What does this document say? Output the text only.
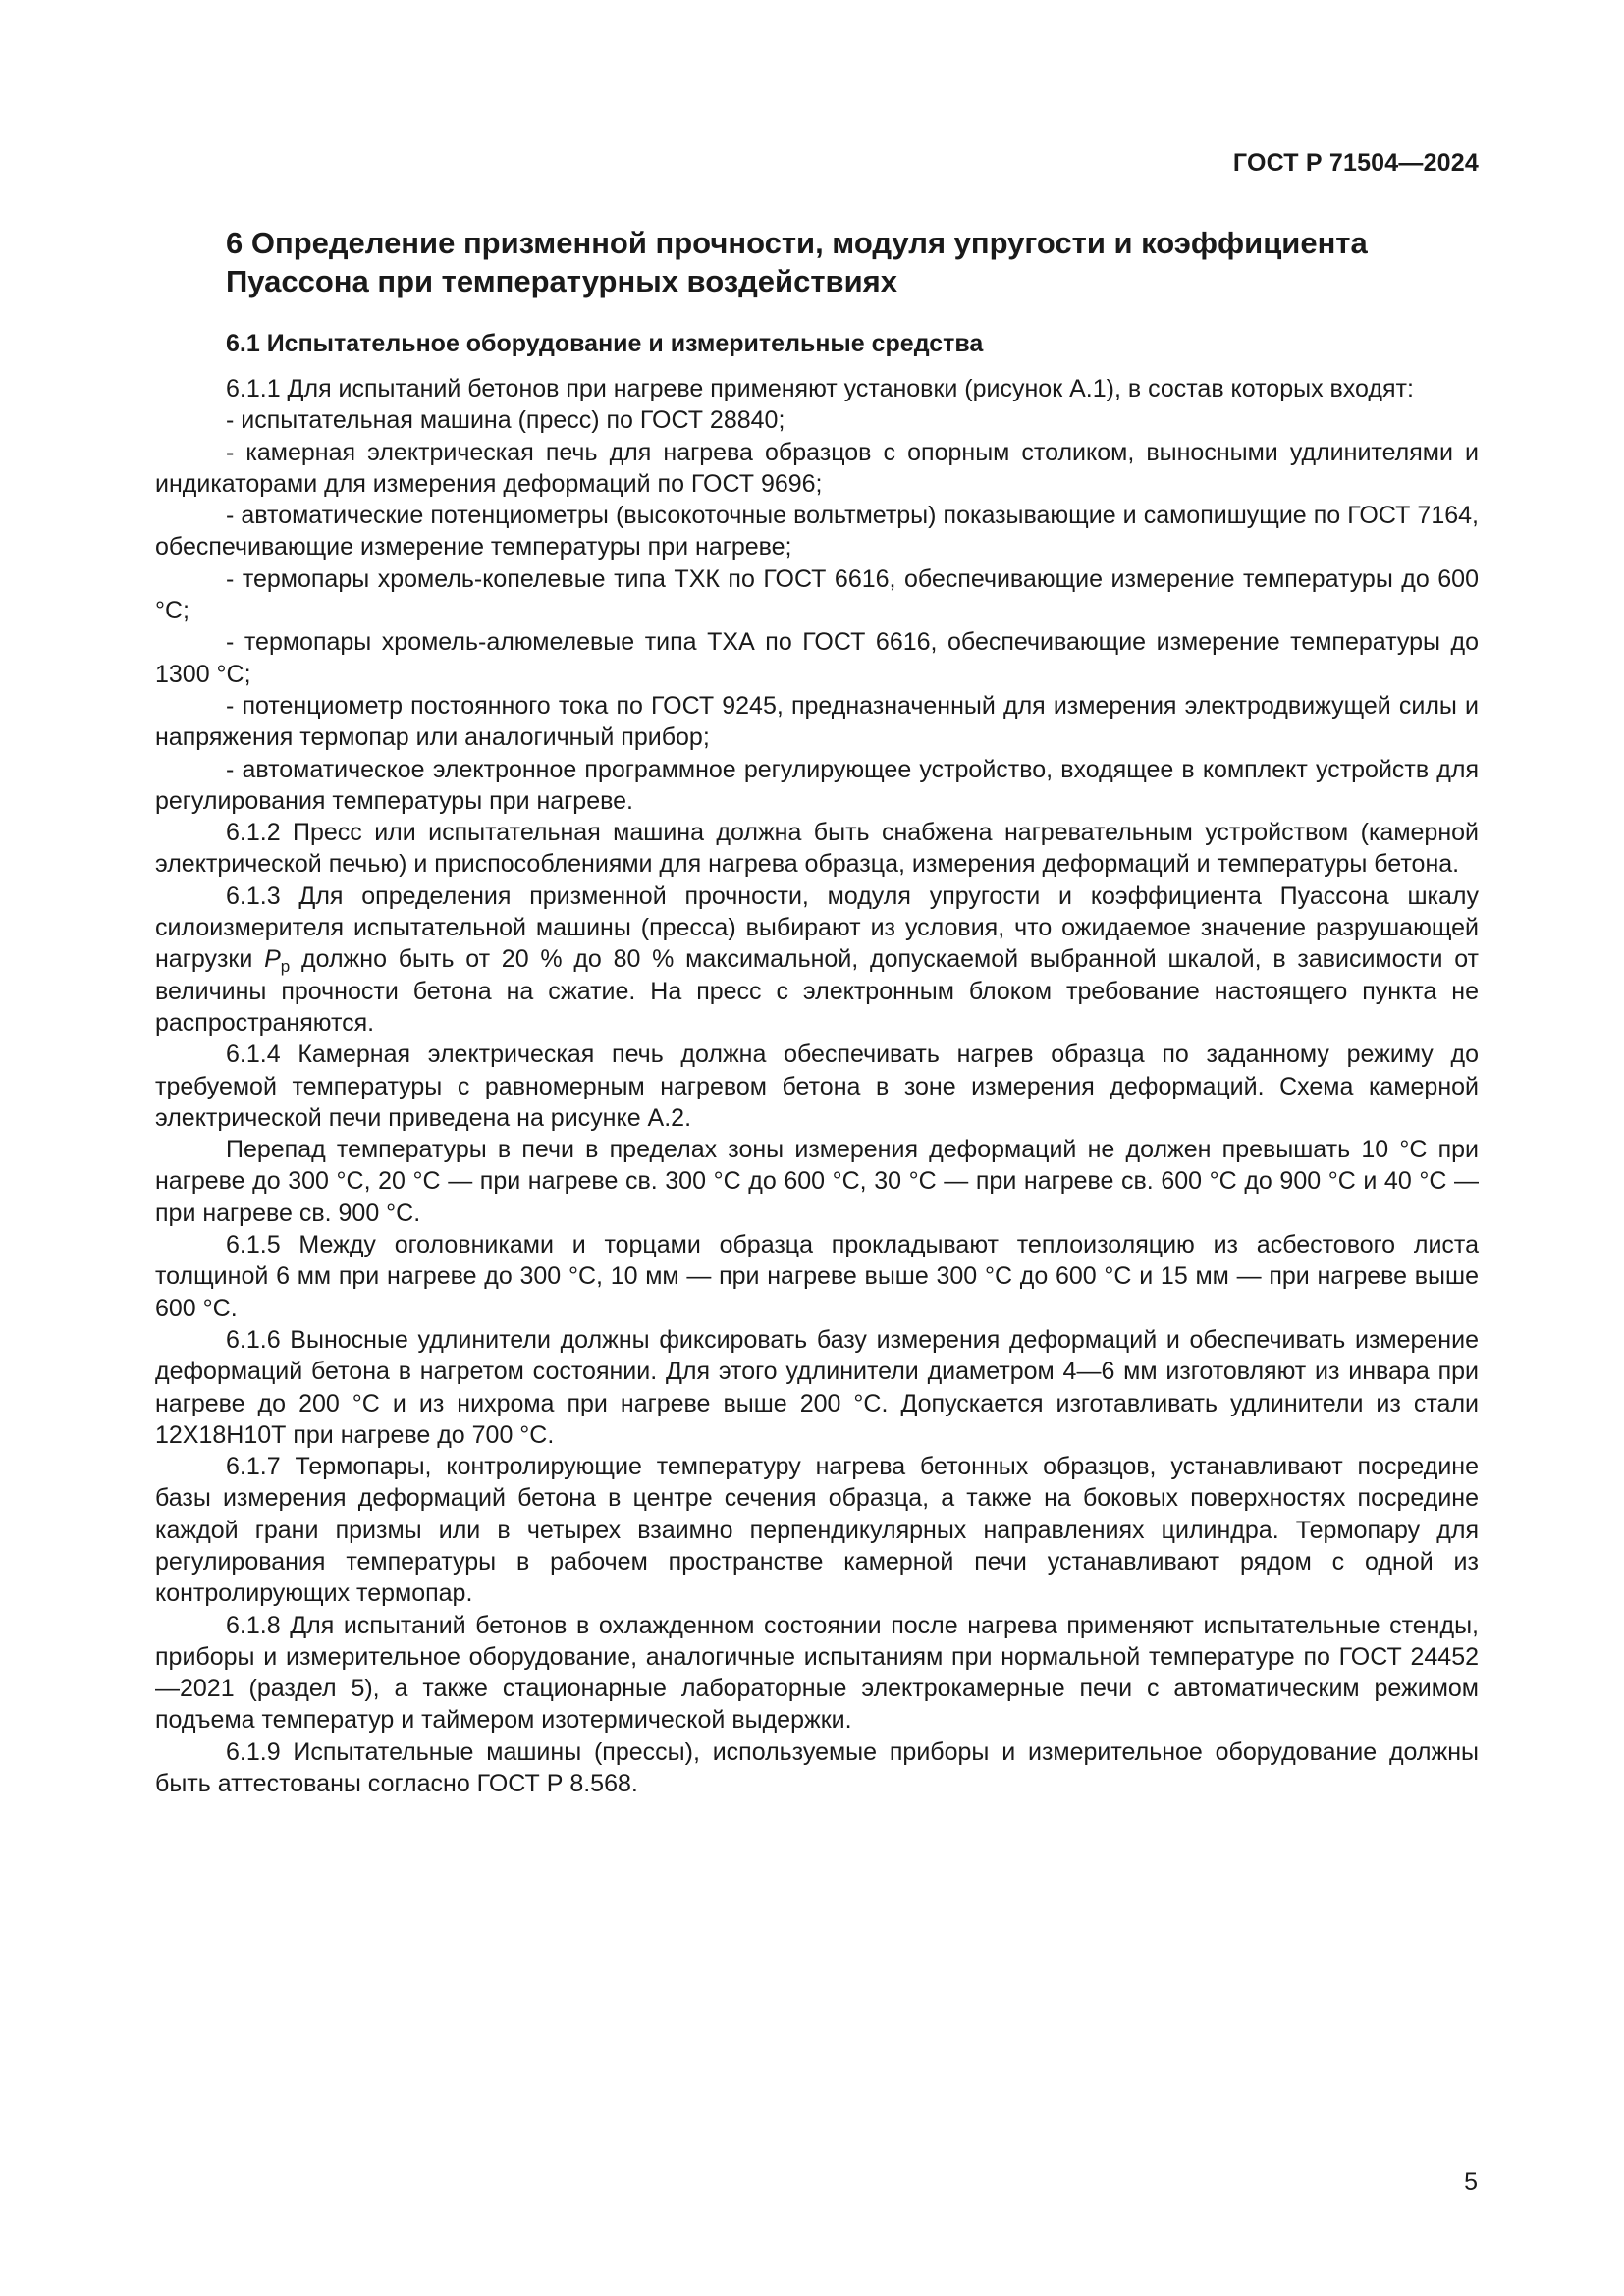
ГОСТ Р 71504—2024
6 Определение призменной прочности, модуля упругости и коэффициента
Пуассона при температурных воздействиях
6.1 Испытательное оборудование и измерительные средства

6.1.1 Для испытаний бетонов при нагреве применяют установки (рисунок А.1), в состав которых входят:

- испытательная машина (пресс) по ГОСТ 28840;

- камерная электрическая печь для нагрева образцов с опорным столиком, выносными удлинителями и индикаторами для измерения деформаций по ГОСТ 9696;

- автоматические потенциометры (высокоточные вольтметры) показывающие и самопишущие по ГОСТ 7164, обеспечивающие измерение температуры при нагреве;

- термопары хромель-копелевые типа ТХК по ГОСТ 6616, обеспечивающие измерение температуры до 600 °С;

- термопары хромель-алюмелевые типа ТХА по ГОСТ 6616, обеспечивающие измерение температуры до 1300 °С;

- потенциометр постоянного тока по ГОСТ 9245, предназначенный для измерения электродвижущей силы и напряжения термопар или аналогичный прибор;

- автоматическое электронное программное регулирующее устройство, входящее в комплект устройств для регулирования температуры при нагреве.

6.1.2 Пресс или испытательная машина должна быть снабжена нагревательным устройством (камерной электрической печью) и приспособлениями для нагрева образца, измерения деформаций и температуры бетона.

6.1.3 Для определения призменной прочности, модуля упругости и коэффициента Пуассона шкалу силоизмерителя испытательной машины (пресса) выбирают из условия, что ожидаемое значение разрушающей нагрузки $P_р$ должно быть от 20 % до 80 % максимальной, допускаемой выбранной шкалой, в зависимости от величины прочности бетона на сжатие. На пресс с электронным блоком требование настоящего пункта не распространяются.

6.1.4 Камерная электрическая печь должна обеспечивать нагрев образца по заданному режиму до требуемой температуры с равномерным нагревом бетона в зоне измерения деформаций. Схема камерной электрической печи приведена на рисунке А.2.

Перепад температуры в печи в пределах зоны измерения деформаций не должен превышать 10 °С при нагреве до 300 °С, 20 °С — при нагреве св. 300 °С до 600 °С, 30 °С — при нагреве св. 600 °С до 900 °С и 40 °С — при нагреве св. 900 °С.

6.1.5 Между оголовниками и торцами образца прокладывают теплоизоляцию из асбестового листа толщиной 6 мм при нагреве до 300 °С, 10 мм — при нагреве выше 300 °С до 600 °С и 15 мм — при нагреве выше 600 °С.

6.1.6 Выносные удлинители должны фиксировать базу измерения деформаций и обеспечивать измерение деформаций бетона в нагретом состоянии. Для этого удлинители диаметром 4—6 мм изготовляют из инвара при нагреве до 200 °С и из нихрома при нагреве выше 200 °С. Допускается изготавливать удлинители из стали 12Х18Н10Т при нагреве до 700 °С.

6.1.7 Термопары, контролирующие температуру нагрева бетонных образцов, устанавливают посредине базы измерения деформаций бетона в центре сечения образца, а также на боковых поверхностях посредине каждой грани призмы или в четырех взаимно перпендикулярных направлениях цилиндра. Термопару для регулирования температуры в рабочем пространстве камерной печи устанавливают рядом с одной из контролирующих термопар.

6.1.8 Для испытаний бетонов в охлажденном состоянии после нагрева применяют испытательные стенды, приборы и измерительное оборудование, аналогичные испытаниям при нормальной температуре по ГОСТ 24452—2021 (раздел 5), а также стационарные лабораторные электрокамерные печи с автоматическим режимом подъема температур и таймером изотермической выдержки.

6.1.9 Испытательные машины (прессы), используемые приборы и измерительное оборудование должны быть аттестованы согласно ГОСТ Р 8.568.

5
